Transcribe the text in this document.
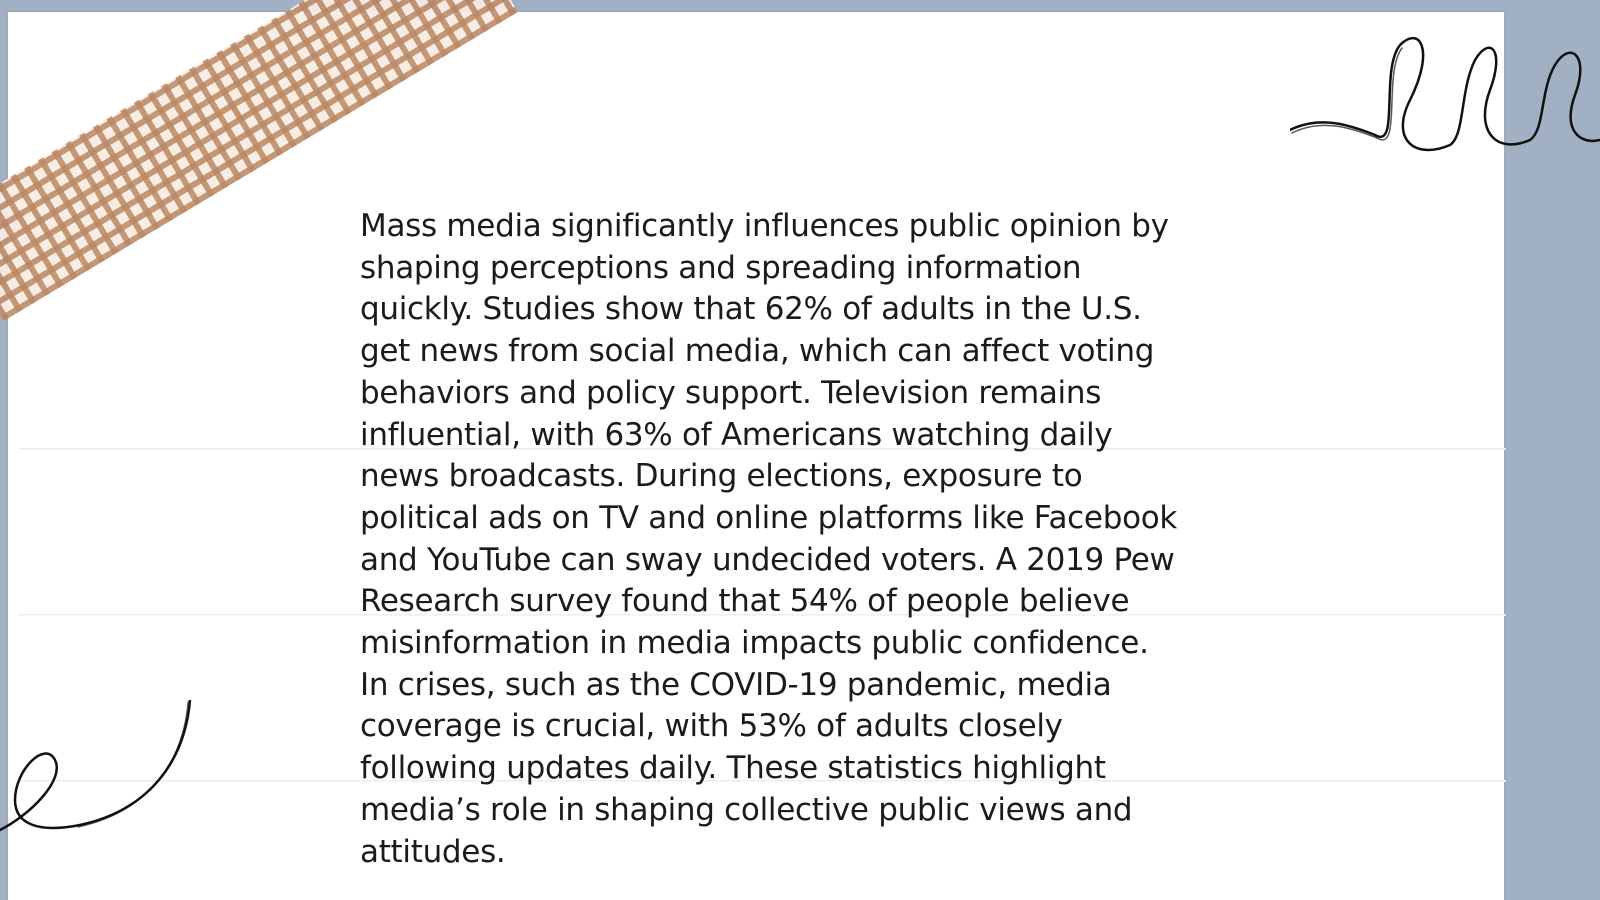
Mass media significantly influences public opinion by
shaping perceptions and spreading information
quickly. Studies show that 62% of adults in the U.S.
get news from social media, which can affect voting
behaviors and policy support. Television remains
influential, with 63% of Americans watching daily
news broadcasts. During elections, exposure to
political ads on TV and online platforms like Facebook
and YouTube can sway undecided voters. A 2019 Pew
Research survey found that 54% of people believe
misinformation in media impacts public confidence.
In crises, such as the COVID-19 pandemic, media
coverage is crucial, with 53% of adults closely
following updates daily. These statistics highlight
media’s role in shaping collective public views and
attitudes.
